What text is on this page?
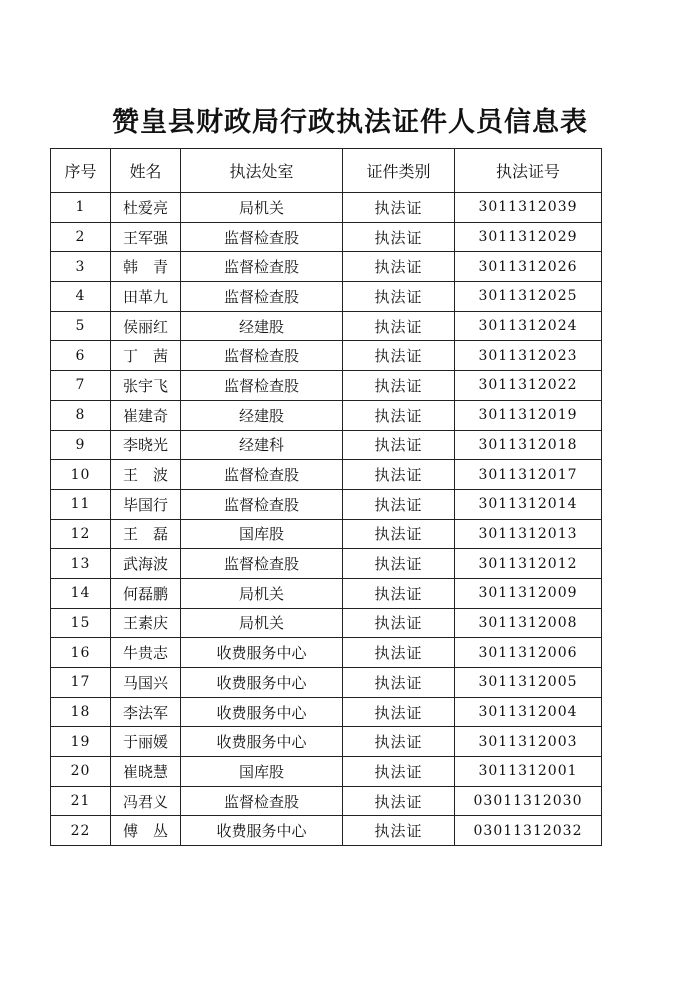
赞皇县财政局行政执法证件人员信息表
序号	姓名	执法处室	证件类别	执法证号
1	杜爱亮	局机关	执法证	3011312039
2	王军强	监督检查股	执法证	3011312029
3	韩　青	监督检查股	执法证	3011312026
4	田革九	监督检查股	执法证	3011312025
5	侯丽红	经建股	执法证	3011312024
6	丁　茜	监督检查股	执法证	3011312023
7	张宇飞	监督检查股	执法证	3011312022
8	崔建奇	经建股	执法证	3011312019
9	李晓光	经建科	执法证	3011312018
10	王　波	监督检查股	执法证	3011312017
11	毕国行	监督检查股	执法证	3011312014
12	王　磊	国库股	执法证	3011312013
13	武海波	监督检查股	执法证	3011312012
14	何磊鹏	局机关	执法证	3011312009
15	王素庆	局机关	执法证	3011312008
16	牛贵志	收费服务中心	执法证	3011312006
17	马国兴	收费服务中心	执法证	3011312005
18	李法军	收费服务中心	执法证	3011312004
19	于丽媛	收费服务中心	执法证	3011312003
20	崔晓慧	国库股	执法证	3011312001
21	冯君义	监督检查股	执法证	03011312030
22	傅　丛	收费服务中心	执法证	03011312032
